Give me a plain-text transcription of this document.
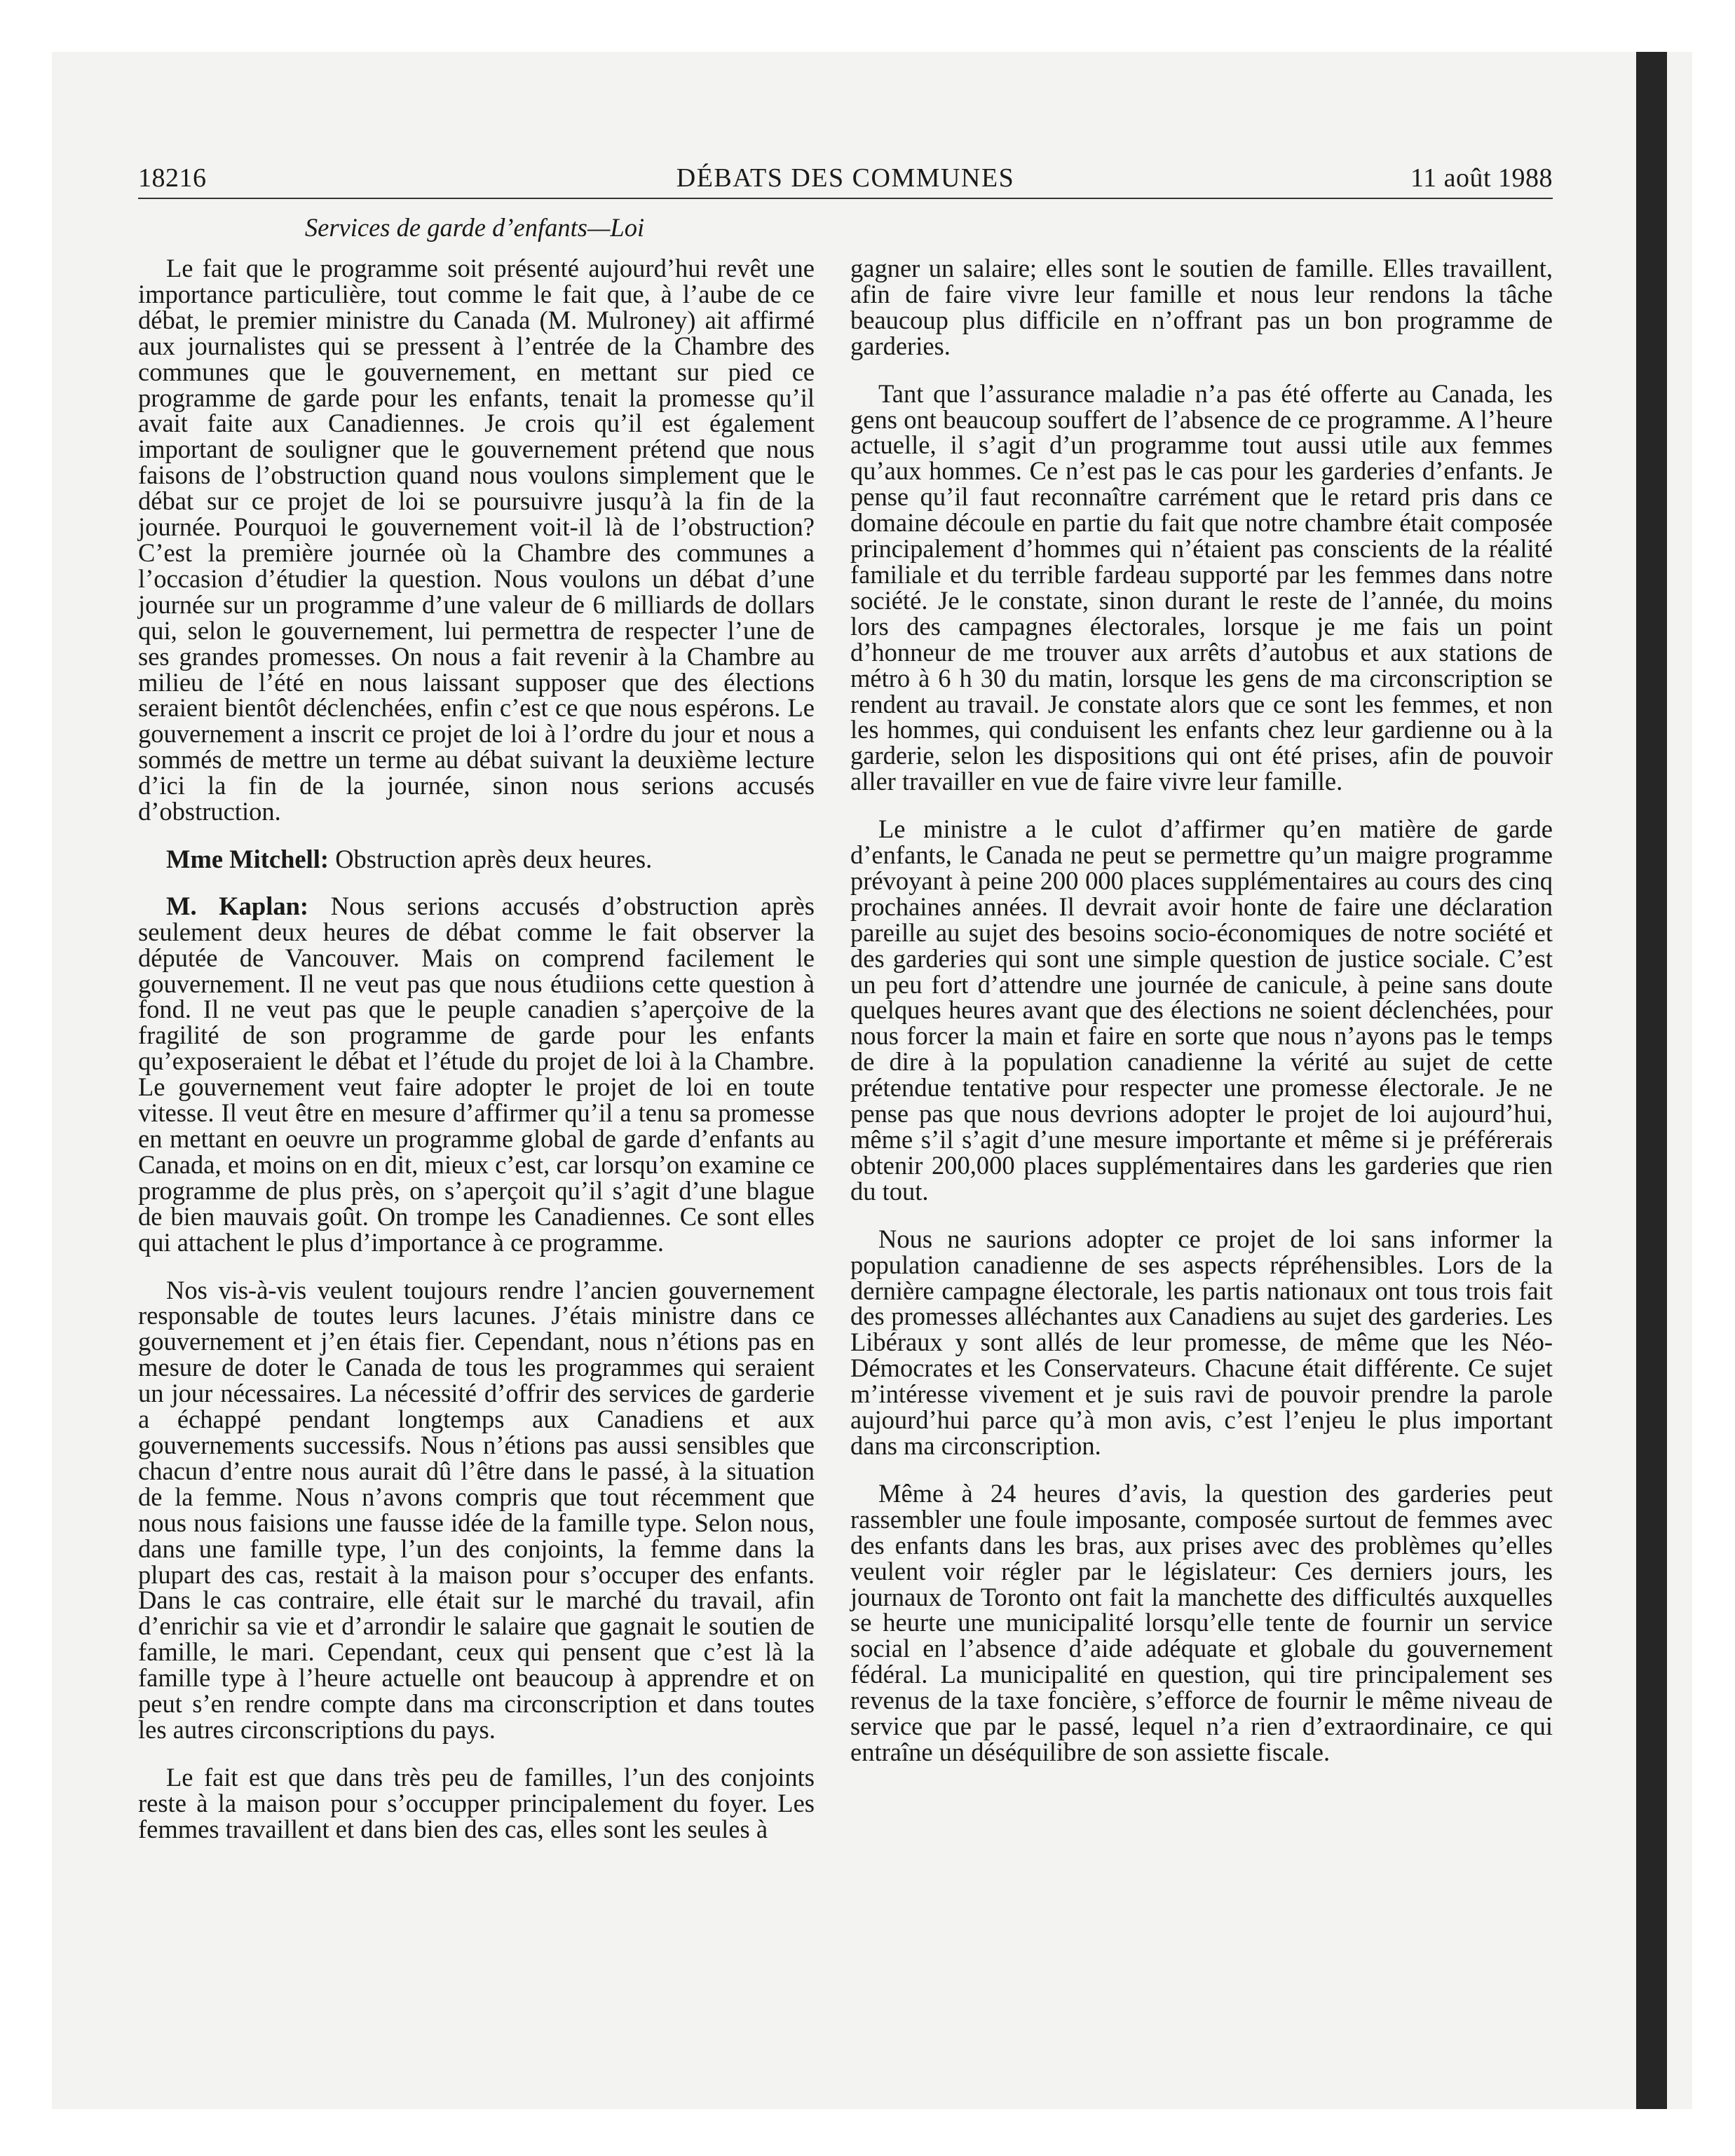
18216	DÉBATS DES COMMUNES	11 août 1988
Services de garde d’enfants—Loi

Le fait que le programme soit présenté aujourd’hui revêt une importance particulière, tout comme le fait que, à l’aube de ce débat, le premier ministre du Canada (M. Mulroney) ait affirmé aux journalistes qui se pressent à l’entrée de la Chambre des communes que le gouvernement, en mettant sur pied ce programme de garde pour les enfants, tenait la promesse qu’il avait faite aux Canadiennes. Je crois qu’il est également important de souligner que le gouvernement prétend que nous faisons de l’obstruction quand nous voulons simplement que le débat sur ce projet de loi se poursuivre jusqu’à la fin de la journée. Pourquoi le gouvernement voit-il là de l’obstruction? C’est la première journée où la Chambre des communes a l’occasion d’étudier la question. Nous voulons un débat d’une journée sur un programme d’une valeur de 6 milliards de dollars qui, selon le gouvernement, lui permettra de respecter l’une de ses grandes promesses. On nous a fait revenir à la Chambre au milieu de l’été en nous laissant supposer que des élections seraient bientôt déclenchées, enfin c’est ce que nous espérons. Le gouvernement a inscrit ce projet de loi à l’ordre du jour et nous a sommés de mettre un terme au débat suivant la deuxième lecture d’ici la fin de la journée, sinon nous serions accusés d’obstruction.

Mme Mitchell: Obstruction après deux heures.

M. Kaplan: Nous serions accusés d’obstruction après seulement deux heures de débat comme le fait observer la députée de Vancouver. Mais on comprend facilement le gouvernement. Il ne veut pas que nous étudiions cette question à fond. Il ne veut pas que le peuple canadien s’aperçoive de la fragilité de son programme de garde pour les enfants qu’exposeraient le débat et l’étude du projet de loi à la Chambre. Le gouvernement veut faire adopter le projet de loi en toute vitesse. Il veut être en mesure d’affirmer qu’il a tenu sa promesse en mettant en oeuvre un programme global de garde d’enfants au Canada, et moins on en dit, mieux c’est, car lorsqu’on examine ce programme de plus près, on s’aperçoit qu’il s’agit d’une blague de bien mauvais goût. On trompe les Canadiennes. Ce sont elles qui attachent le plus d’importance à ce programme.

Nos vis-à-vis veulent toujours rendre l’ancien gouvernement responsable de toutes leurs lacunes. J’étais ministre dans ce gouvernement et j’en étais fier. Cependant, nous n’étions pas en mesure de doter le Canada de tous les programmes qui seraient un jour nécessaires. La nécessité d’offrir des services de garderie a échappé pendant longtemps aux Canadiens et aux gouvernements successifs. Nous n’étions pas aussi sensibles que chacun d’entre nous aurait dû l’être dans le passé, à la situation de la femme. Nous n’avons compris que tout récemment que nous nous faisions une fausse idée de la famille type. Selon nous, dans une famille type, l’un des conjoints, la femme dans la plupart des cas, restait à la maison pour s’occuper des enfants. Dans le cas contraire, elle était sur le marché du travail, afin d’enrichir sa vie et d’arrondir le salaire que gagnait le soutien de famille, le mari. Cependant, ceux qui pensent que c’est là la famille type à l’heure actuelle ont beaucoup à apprendre et on peut s’en rendre compte dans ma circonscription et dans toutes les autres circonscriptions du pays.

Le fait est que dans très peu de familles, l’un des conjoints reste à la maison pour s’occupper principalement du foyer. Les femmes travaillent et dans bien des cas, elles sont les seules à

gagner un salaire; elles sont le soutien de famille. Elles travaillent, afin de faire vivre leur famille et nous leur rendons la tâche beaucoup plus difficile en n’offrant pas un bon programme de garderies.

Tant que l’assurance maladie n’a pas été offerte au Canada, les gens ont beaucoup souffert de l’absence de ce programme. A l’heure actuelle, il s’agit d’un programme tout aussi utile aux femmes qu’aux hommes. Ce n’est pas le cas pour les garderies d’enfants. Je pense qu’il faut reconnaître carrément que le retard pris dans ce domaine découle en partie du fait que notre chambre était composée principalement d’hommes qui n’étaient pas conscients de la réalité familiale et du terrible fardeau supporté par les femmes dans notre société. Je le constate, sinon durant le reste de l’année, du moins lors des campagnes électorales, lorsque je me fais un point d’honneur de me trouver aux arrêts d’autobus et aux stations de métro à 6 h 30 du matin, lorsque les gens de ma circonscription se rendent au travail. Je constate alors que ce sont les femmes, et non les hommes, qui conduisent les enfants chez leur gardienne ou à la garderie, selon les dispositions qui ont été prises, afin de pouvoir aller travailler en vue de faire vivre leur famille.

Le ministre a le culot d’affirmer qu’en matière de garde d’enfants, le Canada ne peut se permettre qu’un maigre programme prévoyant à peine 200 000 places supplémentaires au cours des cinq prochaines années. Il devrait avoir honte de faire une déclaration pareille au sujet des besoins socio-économiques de notre société et des garderies qui sont une simple question de justice sociale. C’est un peu fort d’attendre une journée de canicule, à peine sans doute quelques heures avant que des élections ne soient déclenchées, pour nous forcer la main et faire en sorte que nous n’ayons pas le temps de dire à la population canadienne la vérité au sujet de cette prétendue tentative pour respecter une promesse électorale. Je ne pense pas que nous devrions adopter le projet de loi aujourd’hui, même s’il s’agit d’une mesure importante et même si je préférerais obtenir 200,000 places supplémentaires dans les garderies que rien du tout.

Nous ne saurions adopter ce projet de loi sans informer la population canadienne de ses aspects répréhensibles. Lors de la dernière campagne électorale, les partis nationaux ont tous trois fait des promesses alléchantes aux Canadiens au sujet des garderies. Les Libéraux y sont allés de leur promesse, de même que les Néo-Démocrates et les Conservateurs. Chacune était différente. Ce sujet m’intéresse vivement et je suis ravi de pouvoir prendre la parole aujourd’hui parce qu’à mon avis, c’est l’enjeu le plus important dans ma circonscription.

Même à 24 heures d’avis, la question des garderies peut rassembler une foule imposante, composée surtout de femmes avec des enfants dans les bras, aux prises avec des problèmes qu’elles veulent voir régler par le législateur: Ces derniers jours, les journaux de Toronto ont fait la manchette des difficultés auxquelles se heurte une municipalité lorsqu’elle tente de fournir un service social en l’absence d’aide adéquate et globale du gouvernement fédéral. La municipalité en question, qui tire principalement ses revenus de la taxe foncière, s’efforce de fournir le même niveau de service que par le passé, lequel n’a rien d’extraordinaire, ce qui entraîne un déséquilibre de son assiette fiscale.
